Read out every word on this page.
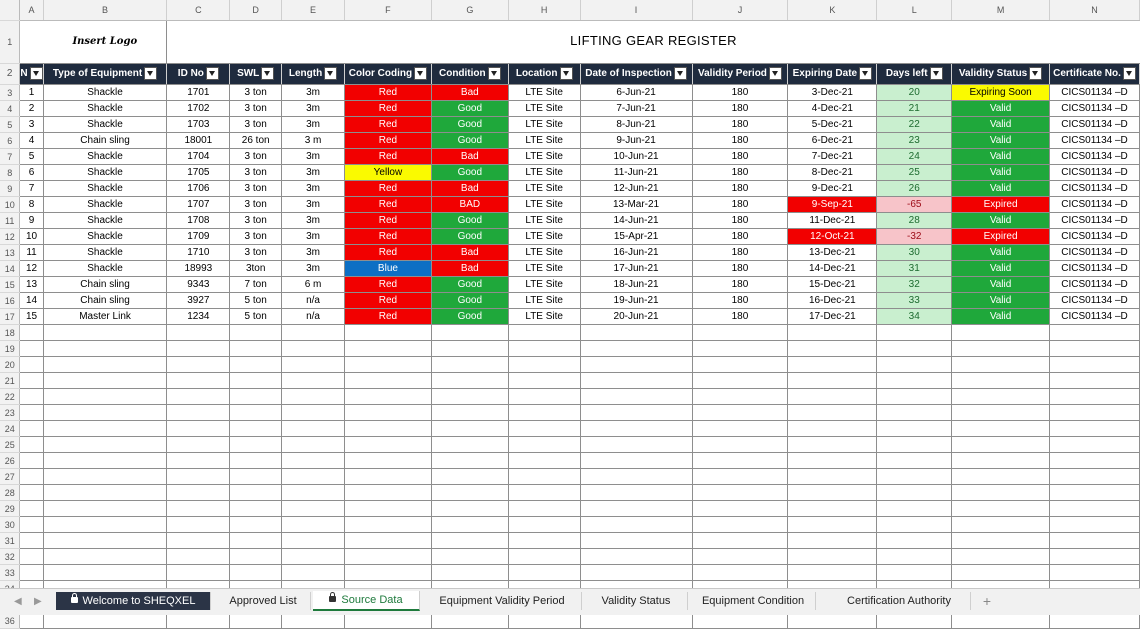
	A	B	C	D	E	F	G	H	I	J	K	L	M	N
1		Insert Logo	LIFTING GEAR REGISTER											
2	N	Type of Equipment	ID No	SWL	Length	Color Coding	Condition	Location	Date of Inspection	Validity Period	Expiring Date	Days left	Validity Status	Certificate No.
3	1	Shackle	1701	3 ton	3m	Red	Bad	LTE Site	6-Jun-21	180	3-Dec-21	20	Expiring Soon	CICS01134 –D
4	2	Shackle	1702	3 ton	3m	Red	Good	LTE Site	7-Jun-21	180	4-Dec-21	21	Valid	CICS01134 –D
5	3	Shackle	1703	3 ton	3m	Red	Good	LTE Site	8-Jun-21	180	5-Dec-21	22	Valid	CICS01134 –D
6	4	Chain sling	18001	26 ton	3 m	Red	Good	LTE Site	9-Jun-21	180	6-Dec-21	23	Valid	CICS01134 –D
7	5	Shackle	1704	3 ton	3m	Red	Bad	LTE Site	10-Jun-21	180	7-Dec-21	24	Valid	CICS01134 –D
8	6	Shackle	1705	3 ton	3m	Yellow	Good	LTE Site	11-Jun-21	180	8-Dec-21	25	Valid	CICS01134 –D
9	7	Shackle	1706	3 ton	3m	Red	Bad	LTE Site	12-Jun-21	180	9-Dec-21	26	Valid	CICS01134 –D
10	8	Shackle	1707	3 ton	3m	Red	BAD	LTE Site	13-Mar-21	180	9-Sep-21	-65	Expired	CICS01134 –D
11	9	Shackle	1708	3 ton	3m	Red	Good	LTE Site	14-Jun-21	180	11-Dec-21	28	Valid	CICS01134 –D
12	10	Shackle	1709	3 ton	3m	Red	Good	LTE Site	15-Apr-21	180	12-Oct-21	-32	Expired	CICS01134 –D
13	11	Shackle	1710	3 ton	3m	Red	Bad	LTE Site	16-Jun-21	180	13-Dec-21	30	Valid	CICS01134 –D
14	12	Shackle	18993	3ton	3m	Blue	Bad	LTE Site	17-Jun-21	180	14-Dec-21	31	Valid	CICS01134 –D
15	13	Chain sling	9343	7 ton	6 m	Red	Good	LTE Site	18-Jun-21	180	15-Dec-21	32	Valid	CICS01134 –D
16	14	Chain sling	3927	5 ton	n/a	Red	Good	LTE Site	19-Jun-21	180	16-Dec-21	33	Valid	CICS01134 –D
17	15	Master Link	1234	5 ton	n/a	Red	Good	LTE Site	20-Jun-21	180	17-Dec-21	34	Valid	CICS01134 –D
18														
19														
20														
21														
22														
23														
24														
25														
26														
27														
28														
29														
30														
31														
32														
33														

36														
◀ ▶	Welcome to SHEQXEL	Approved List	Source Data	Equipment Validity Period	Validity Status	Equipment Condition	Certification Authority	+
